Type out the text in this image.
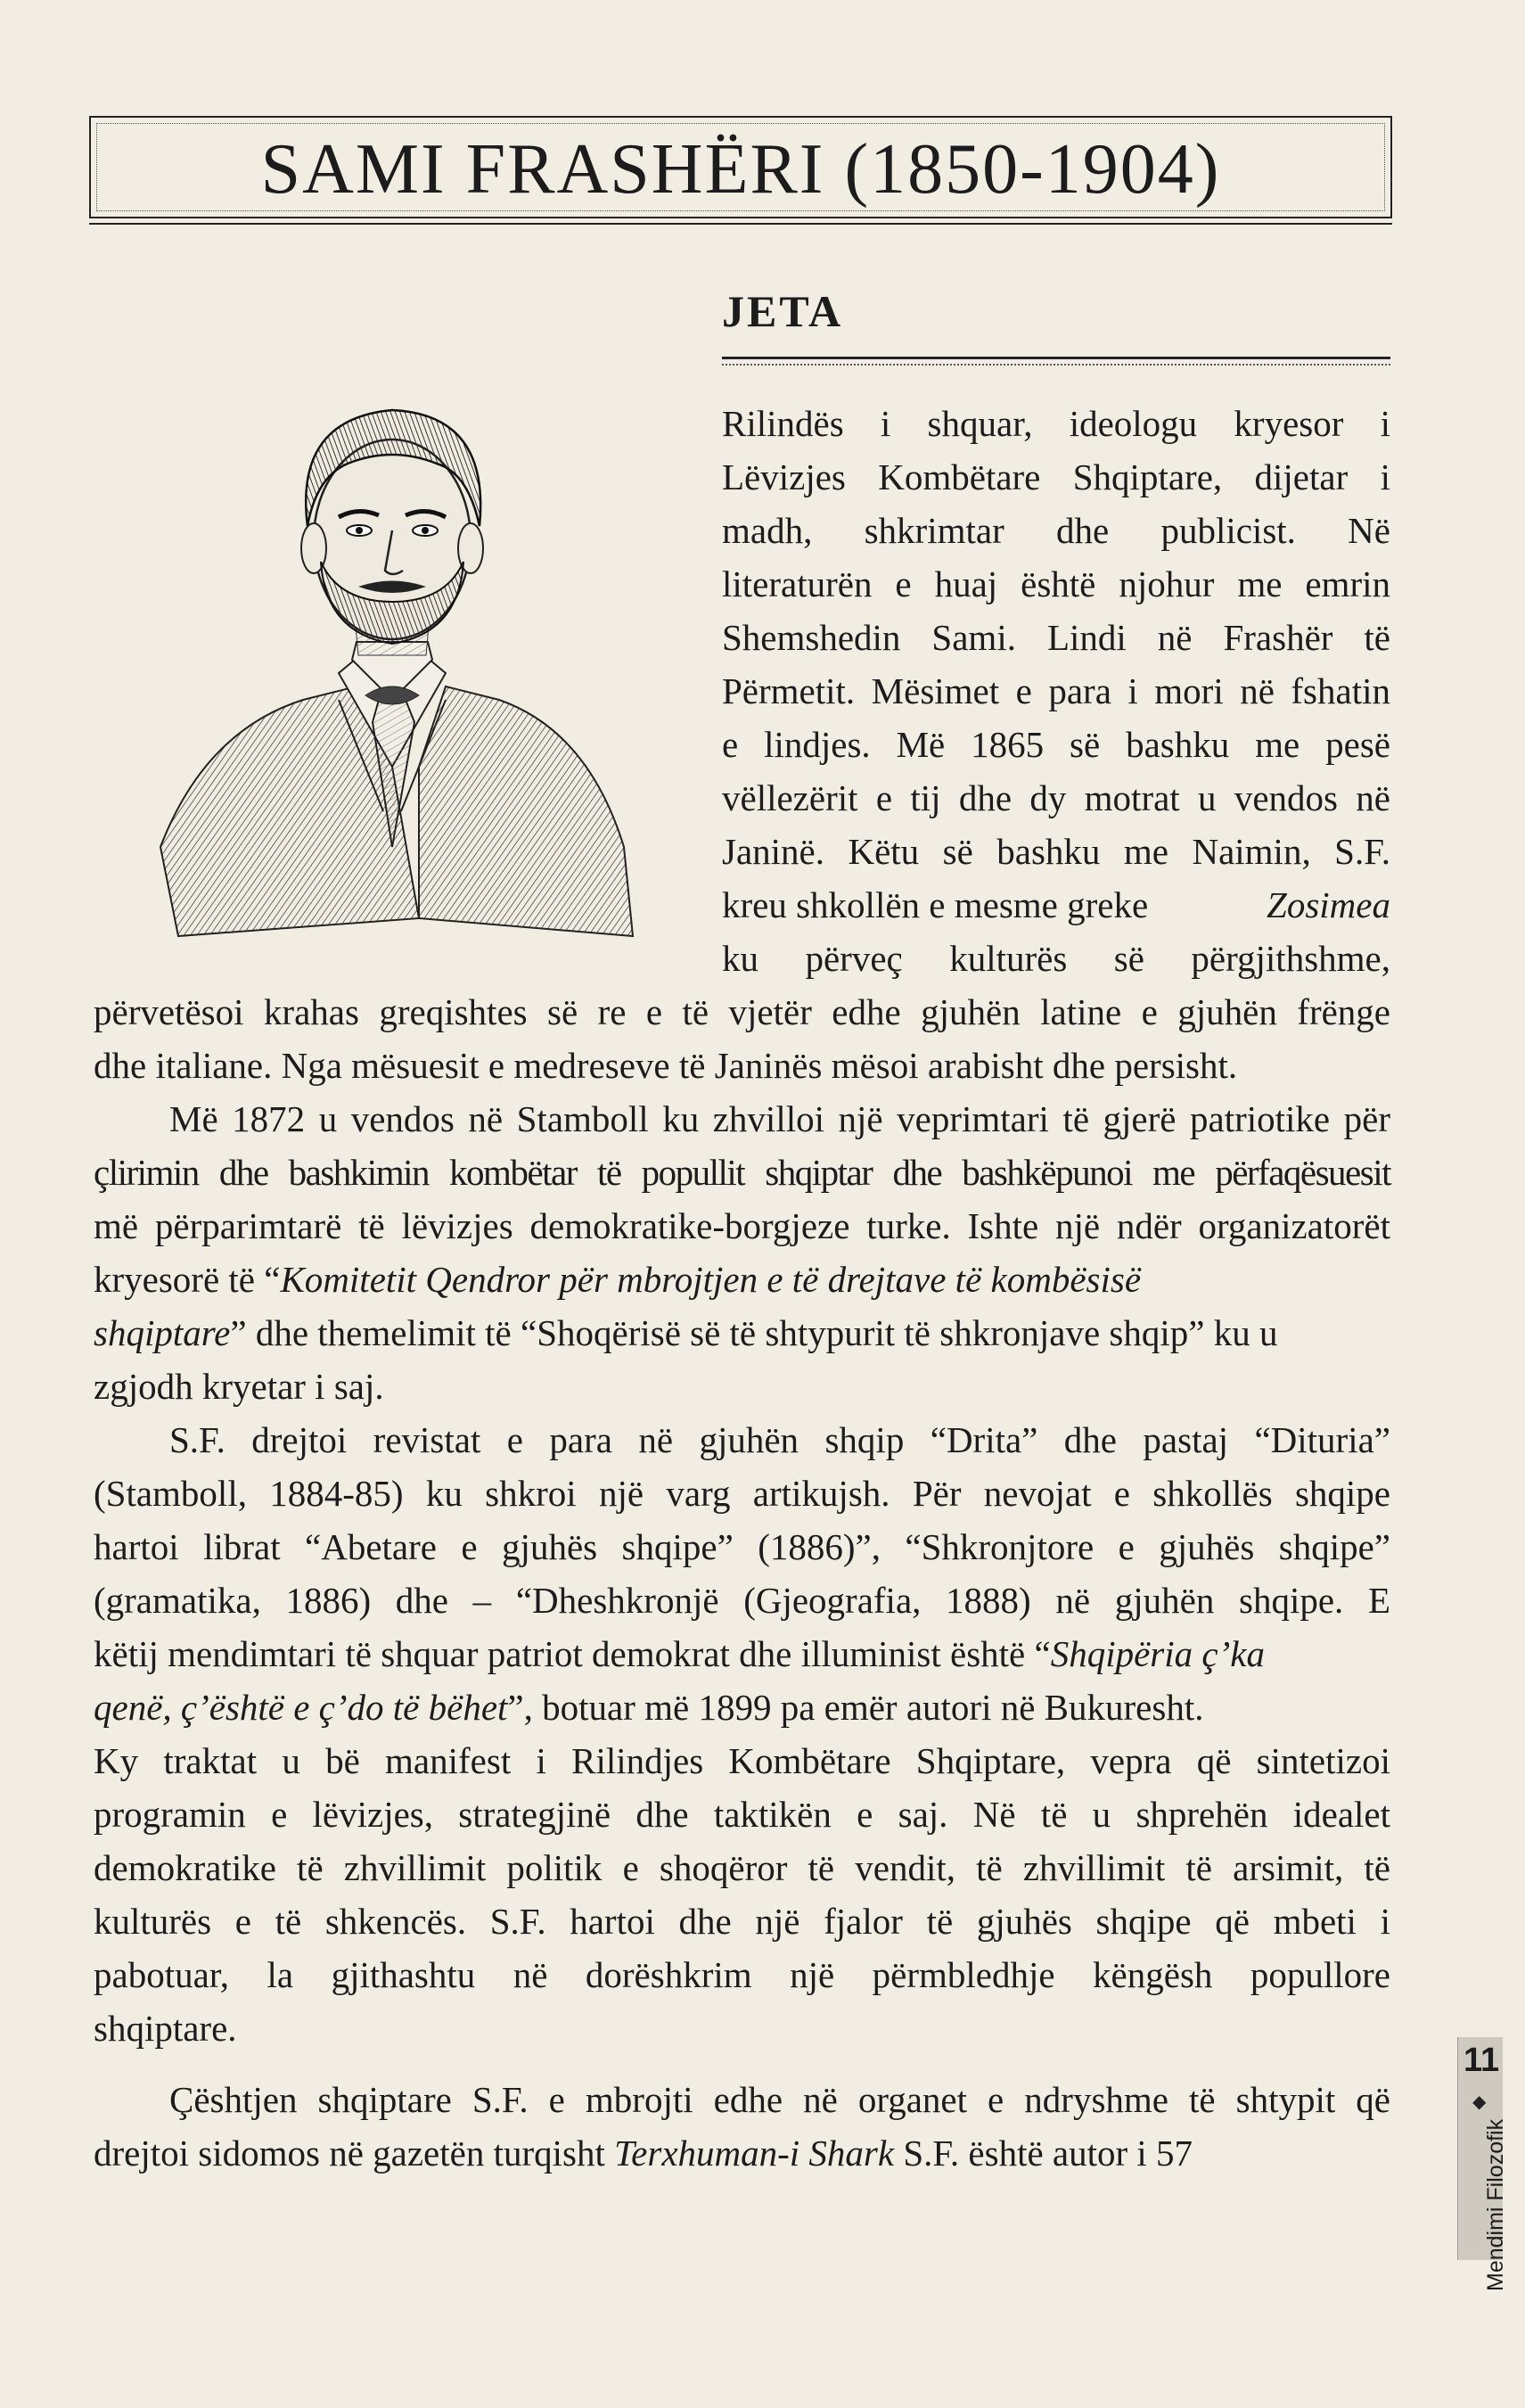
SAMI FRASHËRI (1850-1904)
JETA
Rilindës i shquar, ideologu kryesor i
Lëvizjes Kombëtare Shqiptare, dijetar i
madh, shkrimtar dhe publicist. Në
literaturën e huaj është njohur me emrin
Shemshedin Sami. Lindi në Frashër të
Përmetit. Mësimet e para i mori në fshatin
e lindjes. Më 1865 së bashku me pesë
vëllezërit e tij dhe dy motrat u vendos në
Janinë. Këtu së bashku me Naimin, S.F.
kreu shkollën e mesme greke	Zosimea
ku përveç kulturës së përgjithshme,
përvetësoi krahas greqishtes së re e të vjetër edhe gjuhën latine e gjuhën frënge
dhe italiane. Nga mësuesit e medreseve të Janinës mësoi arabisht dhe persisht.
Më 1872 u vendos në Stamboll ku zhvilloi një veprimtari të gjerë patriotike për
çlirimin dhe bashkimin kombëtar të popullit shqiptar dhe bashkëpunoi me përfaqësuesit
më përparimtarë të lëvizjes demokratike-borgjeze turke. Ishte një ndër organizatorët
kryesorë të “Komitetit Qendror për mbrojtjen e të drejtave të kombësisë
shqiptare” dhe themelimit të “Shoqërisë së të shtypurit të shkronjave shqip” ku u
zgjodh kryetar i saj.
S.F. drejtoi revistat e para në gjuhën shqip “Drita” dhe pastaj “Dituria”
(Stamboll, 1884-85) ku shkroi një varg artikujsh. Për nevojat e shkollës shqipe
hartoi librat “Abetare e gjuhës shqipe” (1886)”, “Shkronjtore e gjuhës shqipe”
(gramatika, 1886) dhe – “Dheshkronjë (Gjeografia, 1888) në gjuhën shqipe. E
këtij mendimtari të shquar patriot demokrat dhe illuminist është “Shqipëria ç’ka
qenë, ç’është e ç’do të bëhet”, botuar më 1899 pa emër autori në Bukuresht.
Ky traktat u bë manifest i Rilindjes Kombëtare Shqiptare, vepra që sintetizoi
programin e lëvizjes, strategjinë dhe taktikën e saj. Në të u shprehën idealet
demokratike të zhvillimit politik e shoqëror të vendit, të zhvillimit të arsimit, të
kulturës e të shkencës. S.F. hartoi dhe një fjalor të gjuhës shqipe që mbeti i
pabotuar, la gjithashtu në dorëshkrim një përmbledhje këngësh popullore
shqiptare.
Çështjen shqiptare S.F. e mbrojti edhe në organet e ndryshme të shtypit që
drejtoi sidomos në gazetën turqisht Terxhuman-i Shark S.F. është autor i 57
11
◆
Mendimi Filozofik
